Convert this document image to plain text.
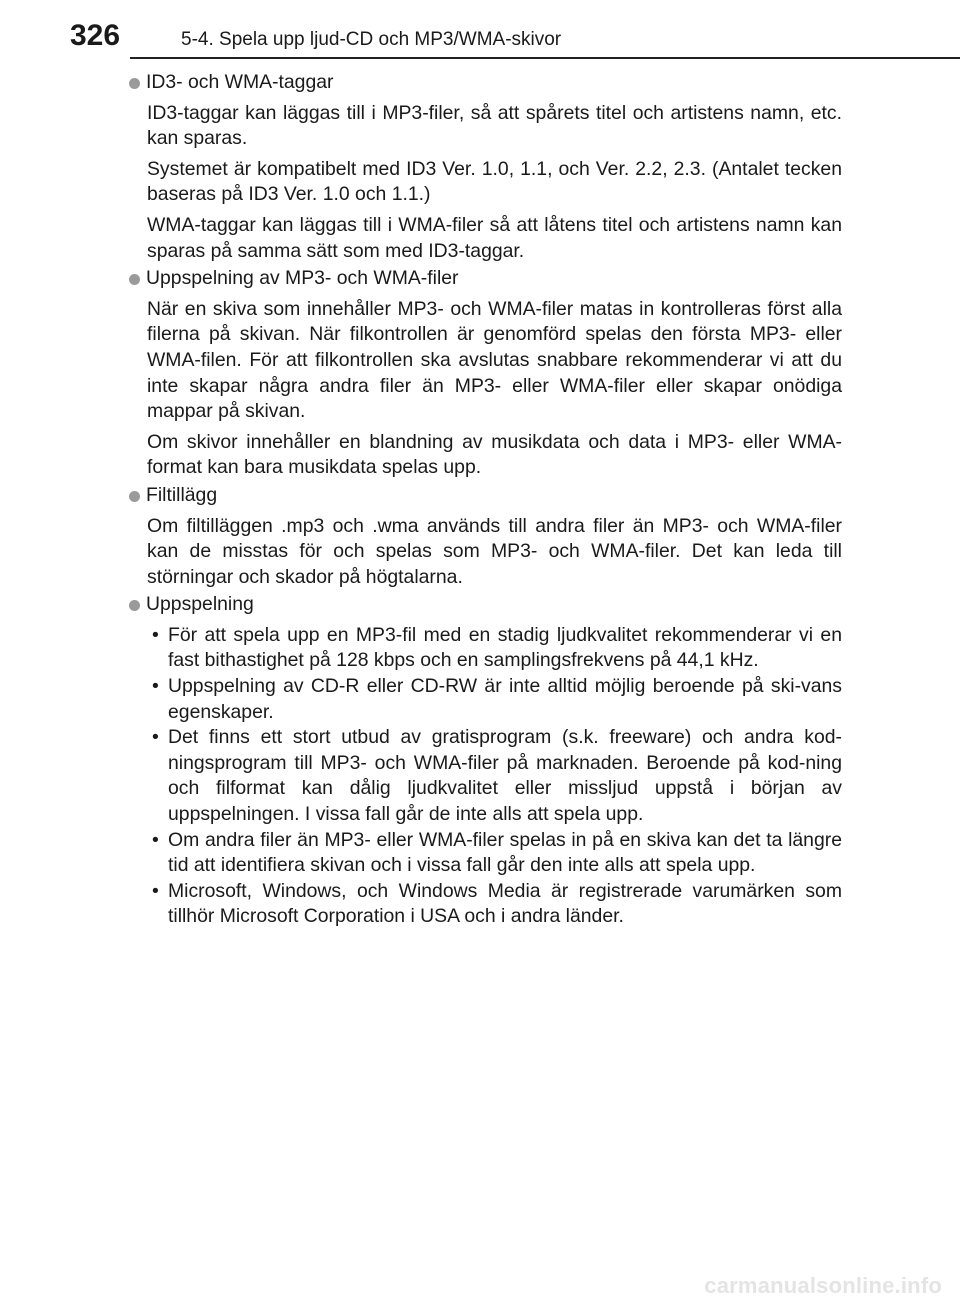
326	5-4. Spela upp ljud-CD och MP3/WMA-skivor
ID3- och WMA-taggar

ID3-taggar kan läggas till i MP3-filer, så att spårets titel och artistens namn, etc. kan sparas.

Systemet är kompatibelt med ID3 Ver. 1.0, 1.1, och Ver. 2.2, 2.3. (Antalet tecken baseras på ID3 Ver. 1.0 och 1.1.)

WMA-taggar kan läggas till i WMA-filer så att låtens titel och artistens namn kan sparas på samma sätt som med ID3-taggar.

Uppspelning av MP3- och WMA-filer

När en skiva som innehåller MP3- och WMA-filer matas in kontrolleras först alla filerna på skivan. När filkontrollen är genomförd spelas den första MP3- eller WMA-filen. För att filkontrollen ska avslutas snabbare rekommenderar vi att du inte skapar några andra filer än MP3- eller WMA-filer eller skapar onödiga mappar på skivan.

Om skivor innehåller en blandning av musikdata och data i MP3- eller WMA-format kan bara musikdata spelas upp.

Filtillägg

Om filtilläggen .mp3 och .wma används till andra filer än MP3- och WMA-filer kan de misstas för och spelas som MP3- och WMA-filer. Det kan leda till störningar och skador på högtalarna.

Uppspelning
• För att spela upp en MP3-fil med en stadig ljudkvalitet rekommenderar vi en fast bithastighet på 128 kbps och en samplingsfrekvens på 44,1 kHz.
• Uppspelning av CD-R eller CD-RW är inte alltid möjlig beroende på ski-vans egenskaper.
• Det finns ett stort utbud av gratisprogram (s.k. freeware) och andra kod-ningsprogram till MP3- och WMA-filer på marknaden. Beroende på kod-ning och filformat kan dålig ljudkvalitet eller missljud uppstå i början av uppspelningen. I vissa fall går de inte alls att spela upp.
• Om andra filer än MP3- eller WMA-filer spelas in på en skiva kan det ta längre tid att identifiera skivan och i vissa fall går den inte alls att spela upp.
• Microsoft, Windows, och Windows Media är registrerade varumärken som tillhör Microsoft Corporation i USA och i andra länder.
carmanualsonline.info
